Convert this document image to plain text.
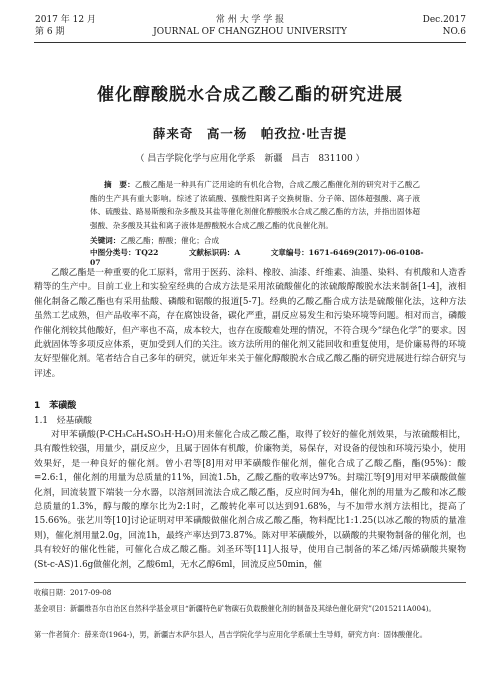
2017 年 12 月
第 6 期
常 州 大 学 学 报
JOURNAL OF CHANGZHOU UNIVERSITY
Dec.2017
NO.6
催化醇酸脱水合成乙酸乙酯的研究进展
薛来奇　高一杨　帕孜拉·吐吉提
（ 昌吉学院化学与应用化学系　新疆　昌吉　831100 ）

摘　要：乙酸乙酯是一种具有广泛用途的有机化合物，合成乙酸乙酯催化剂的研究对于乙酸乙酯的生产具有重大影响。综述了浓硫酸、强酸性阳离子交换树脂、分子筛、固体超强酸、离子液体、硫酸盐、路易斯酸和杂多酸及其盐等催化剂催化醇酸脱水合成乙酸乙酯的方法，并指出固体超强酸、杂多酸及其盐和离子液体是醇酸脱水合成乙酸乙酯的优良催化剂。

关键词：乙酸乙酯；醇酸；催化；合成
中图分类号：TQ22	文献标识码：A	文章编号：1671-6469(2017)-06-0108-07

乙酸乙酯是一种重要的化工原料，常用于医药、涂料、橡胶、油漆、纤维素、油墨、染料、有机酸和人造香精等的生产中。目前工业上和实验室经典的合成方法是采用浓硫酸催化的浓硫酸醇酸脱水法来制备[1-4]，液相催化制备乙酸乙酯也有采用盐酸、磷酸和锯酸的报道[5-7]。经典的乙酸乙酯合成方法是硫酸催化法，这种方法虽然工艺成熟，但产品收率不高，存在腐蚀设备，碳化严重，副反应易发生和污染环境等问题。相对而言，磷酸作催化剂较其他酸好，但产率也不高，成本较大，也存在废酸难处理的情况，不符合现今“绿色化学”的要求。因此就固体等多项反应体系，更加受到人们的关注。该方法所用的催化剂又能回收和重复使用，是价廉易得的环境友好型催化剂。笔者结合自己多年的研究，就近年来关于催化醇酸脱水合成乙酸乙酯的研究进展进行综合研究与评述。

1　苯磺酸
1.1　烃基磺酸

对甲苯磺酸(P-CH₃C₆H₄SO₃H·H₂O)用来催化合成乙酸乙酯，取得了较好的催化剂效果，与浓硫酸相比，具有酸性较强，用量少，副反应少，且属于固体有机酸，价廉物美，易保存，对设备的侵蚀和环境污染小，使用效果好，是一种良好的催化剂。曾小君等[8]用对甲苯磺酸作催化剂，催化合成了乙酸乙酯，酯(95%)：酸=2.6:1，催化剂的用量为总质量的11%，回流1.5h，乙酸乙酯的收率达97%。封瑞江等[9]用对甲苯磺酸做催化剂，回流装置下端装一分水器，以溶剂回流法合成乙酸乙酯，反应时间为4h，催化剂的用量为乙酸和冰乙酸总质量的1.3%，醇与酸的摩尔比为2:1时，乙酸转化率可以达到91.68%，与不加带水剂方法相比，提高了15.66%。张艺川等[10]讨论证明对甲苯磺酸做催化剂合成乙酸乙酯，物料配比1:1.25(以冰乙酸的物质的量准则)，催化剂用量2.0g，回流1h，最终产率达到73.87%。陈对甲苯磺酸外，以磺酸的共聚物制备的催化剂，也具有较好的催化性能，可催化合成乙酸乙酯。刘圣环等[11]人报导，使用自己制备的苯乙烯/丙烯磺酸共聚物(St-c-AS)1.6g做催化剂，乙酸6ml，无水乙醇6ml，回流反应50min，催

收稿日期：2017-09-08
基金项目：新疆维吾尔自治区自然科学基金项目“新疆特色矿物碳石负载酸催化剂的制备及其绿色催化研究”(2015211A004)。
第一作者简介：薛来奇(1964-)，男，新疆吉木萨尔县人，昌吉学院化学与应用化学系硕士生导师，研究方向：固体酸催化。
